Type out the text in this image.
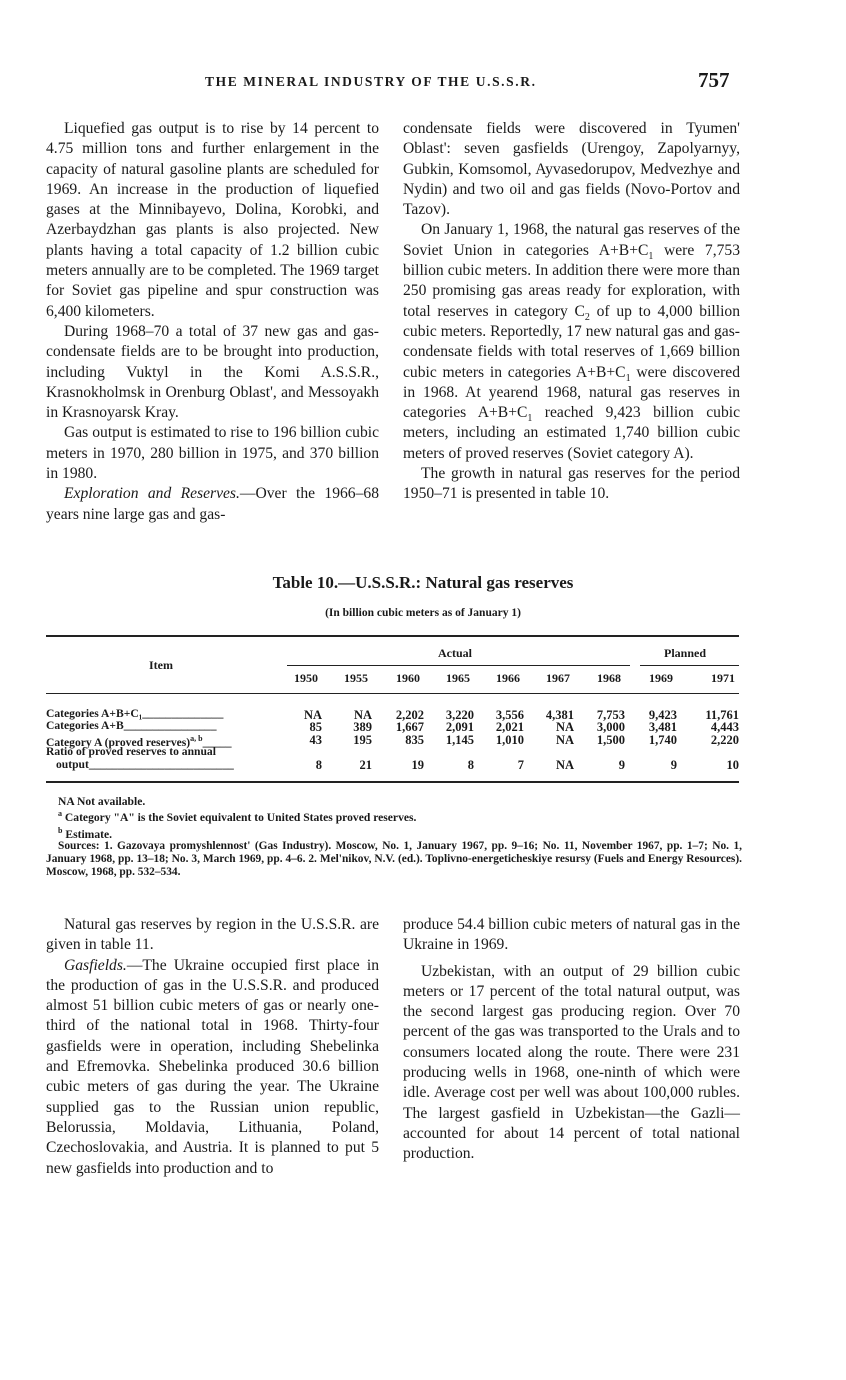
THE MINERAL INDUSTRY OF THE U.S.S.R.	757

Liquefied gas output is to rise by 14 percent to 4.75 million tons and further enlargement in the capacity of natural gasoline plants are scheduled for 1969. An increase in the production of liquefied gases at the Minnibayevo, Dolina, Korobki, and Azerbaydzhan gas plants is also projected. New plants having a total capacity of 1.2 billion cubic meters annually are to be completed. The 1969 target for Soviet gas pipeline and spur construction was 6,400 kilometers.

During 1968–70 a total of 37 new gas and gas-condensate fields are to be brought into production, including Vuktyl in the Komi A.S.S.R., Krasnokholmsk in Orenburg Oblast', and Messoyakh in Krasnoyarsk Kray.

Gas output is estimated to rise to 196 billion cubic meters in 1970, 280 billion in 1975, and 370 billion in 1980.

Exploration and Reserves.—Over the 1966–68 years nine large gas and gas-

condensate fields were discovered in Tyumen' Oblast': seven gasfields (Urengoy, Zapolyarnyy, Gubkin, Komsomol, Ayvasedorupov, Medvezhye and Nydin) and two oil and gas fields (Novo-Portov and Tazov).

On January 1, 1968, the natural gas reserves of the Soviet Union in categories $A+B+C_1$ were 7,753 billion cubic meters. In addition there were more than 250 promising gas areas ready for exploration, with total reserves in category $C_2$ of up to 4,000 billion cubic meters. Reportedly, 17 new natural gas and gas-condensate fields with total reserves of 1,669 billion cubic meters in categories $A+B+C_1$ were discovered in 1968. At yearend 1968, natural gas reserves in categories $A+B+C_1$ reached 9,423 billion cubic meters, including an estimated 1,740 billion cubic meters of proved reserves (Soviet category A).

The growth in natural gas reserves for the period 1950–71 is presented in table 10.

Table 10.—U.S.S.R.: Natural gas reserves
(In billion cubic meters as of January 1)
Item
Actual	Planned
1950	1955	1960	1965	1966	1967	1968	1969	1971
Categories A+B+C₁______________	NA	NA	2,202	3,220	3,556	4,381	7,753	9,423	11,761
Categories A+B________________	85	389	1,667	2,091	2,021	NA	3,000	3,481	4,443
Category A (proved reserves)$^{a, b}$_____	43	195	835	1,145	1,010	NA	1,500	1,740	2,220
Ratio of proved reserves to annual
output_________________________	8	21	19	8	7	NA	9	9	10
NA Not available.
$^a$ Category "A" is the Soviet equivalent to United States proved reserves.
$^b$ Estimate.
Sources: 1. Gazovaya promyshlennost' (Gas Industry). Moscow, No. 1, January 1967, pp. 9–16; No. 11, November 1967, pp. 1–7; No. 1, January 1968, pp. 13–18; No. 3, March 1969, pp. 4–6. 2. Mel'nikov, N.V. (ed.). Toplivno-energeticheskiye resursy (Fuels and Energy Resources). Moscow, 1968, pp. 532–534.

Natural gas reserves by region in the U.S.S.R. are given in table 11.

Gasfields.—The Ukraine occupied first place in the production of gas in the U.S.S.R. and produced almost 51 billion cubic meters of gas or nearly one-third of the national total in 1968. Thirty-four gasfields were in operation, including Shebelinka and Efremovka. Shebelinka produced 30.6 billion cubic meters of gas during the year. The Ukraine supplied gas to the Russian union republic, Belorussia, Moldavia, Lithuania, Poland, Czechoslovakia, and Austria. It is planned to put 5 new gasfields into production and to

produce 54.4 billion cubic meters of natural gas in the Ukraine in 1969.

Uzbekistan, with an output of 29 billion cubic meters or 17 percent of the total natural output, was the second largest gas producing region. Over 70 percent of the gas was transported to the Urals and to consumers located along the route. There were 231 producing wells in 1968, one-ninth of which were idle. Average cost per well was about 100,000 rubles. The largest gasfield in Uzbekistan—the Gazli—accounted for about 14 percent of total national production.
